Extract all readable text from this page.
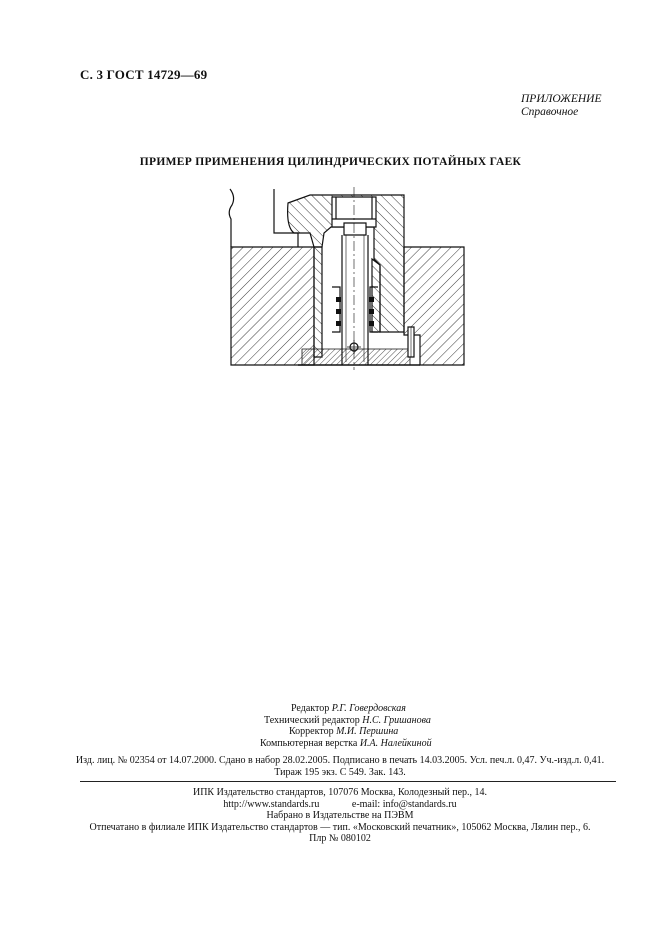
С. 3 ГОСТ 14729—69
ПРИЛОЖЕНИЕ
Справочное
ПРИМЕР ПРИМЕНЕНИЯ ЦИЛИНДРИЧЕСКИХ ПОТАЙНЫХ ГАЕК
Редактор Р.Г. Говердовская
Технический редактор Н.С. Гришанова
Корректор М.И. Першина
Компьютерная верстка И.А. Налейкиной
Изд. лиц. № 02354 от 14.07.2000. Сдано в набор 28.02.2005. Подписано в печать 14.03.2005. Усл. печ.л. 0,47. Уч.-изд.л. 0,41.
Тираж 195 экз. С 549. Зак. 143.
ИПК Издательство стандартов, 107076 Москва, Колодезный пер., 14.
http://www.standards.ru             e-mail: info@standards.ru
Набрано в Издательстве на ПЭВМ
Отпечатано в филиале ИПК Издательство стандартов — тип. «Московский печатник», 105062 Москва, Лялин пер., 6.
Плр № 080102
